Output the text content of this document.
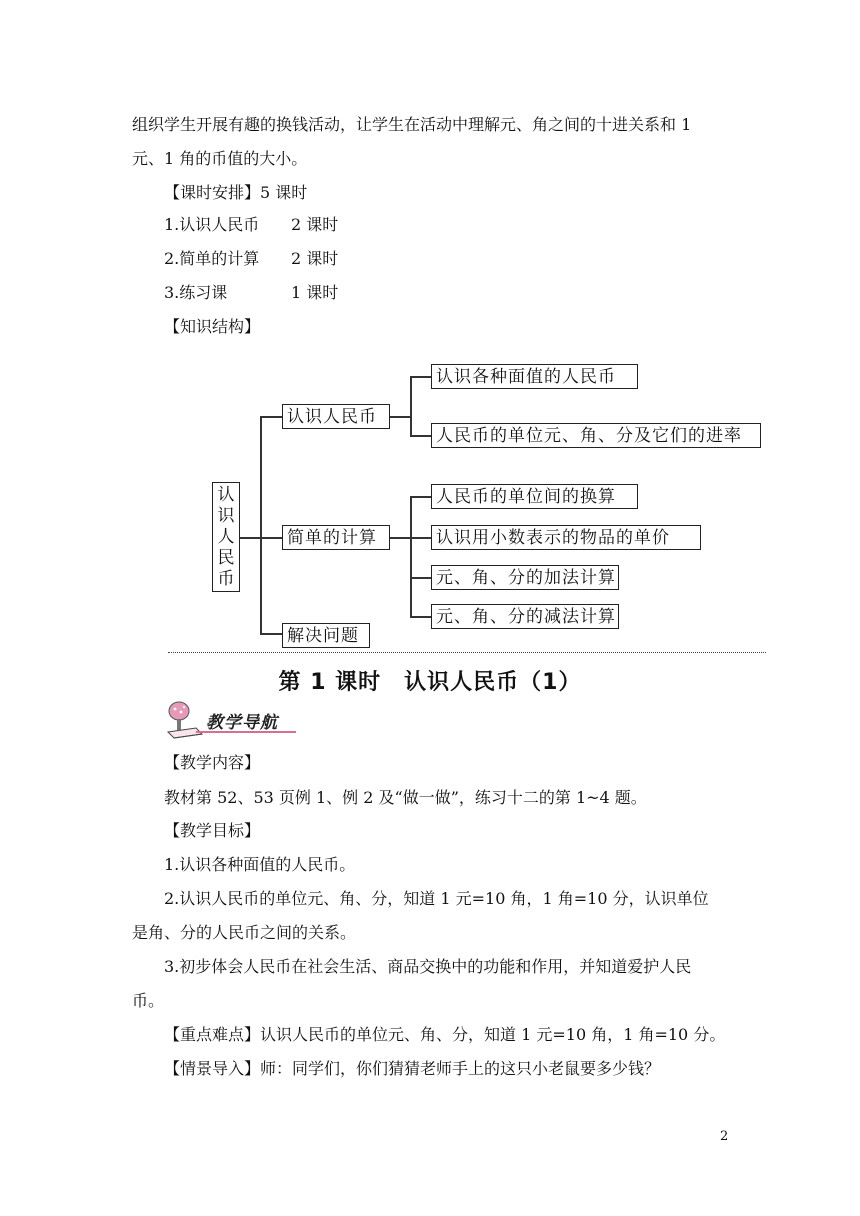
组织学生开展有趣的换钱活动，让学生在活动中理解元、角之间的十进关系和 1
元、1 角的币值的大小。
【课时安排】5 课时
1.认识人民币 2 课时
2.简单的计算 2 课时
3.练习课	1 课时
【知识结构】
认
识
人
民
币
认识人民币
简单的计算
解决问题
认识各种面值的人民币
人民币的单位元、角、分及它们的进率
人民币的单位间的换算
认识用小数表示的物品的单价
元、角、分的加法计算
元、角、分的减法计算
第 1 课时　认识人民币（1）
教学导航
【教学内容】
教材第 52、53 页例 1、例 2 及“做一做”，练习十二的第 1~4 题。
【教学目标】
1.认识各种面值的人民币。
2.认识人民币的单位元、角、分，知道 1 元=10 角，1 角=10 分，认识单位
是角、分的人民币之间的关系。
3.初步体会人民币在社会生活、商品交换中的功能和作用，并知道爱护人民
币。
【重点难点】认识人民币的单位元、角、分，知道 1 元=10 角，1 角=10 分。
【情景导入】师：同学们，你们猜猜老师手上的这只小老鼠要多少钱？
2
